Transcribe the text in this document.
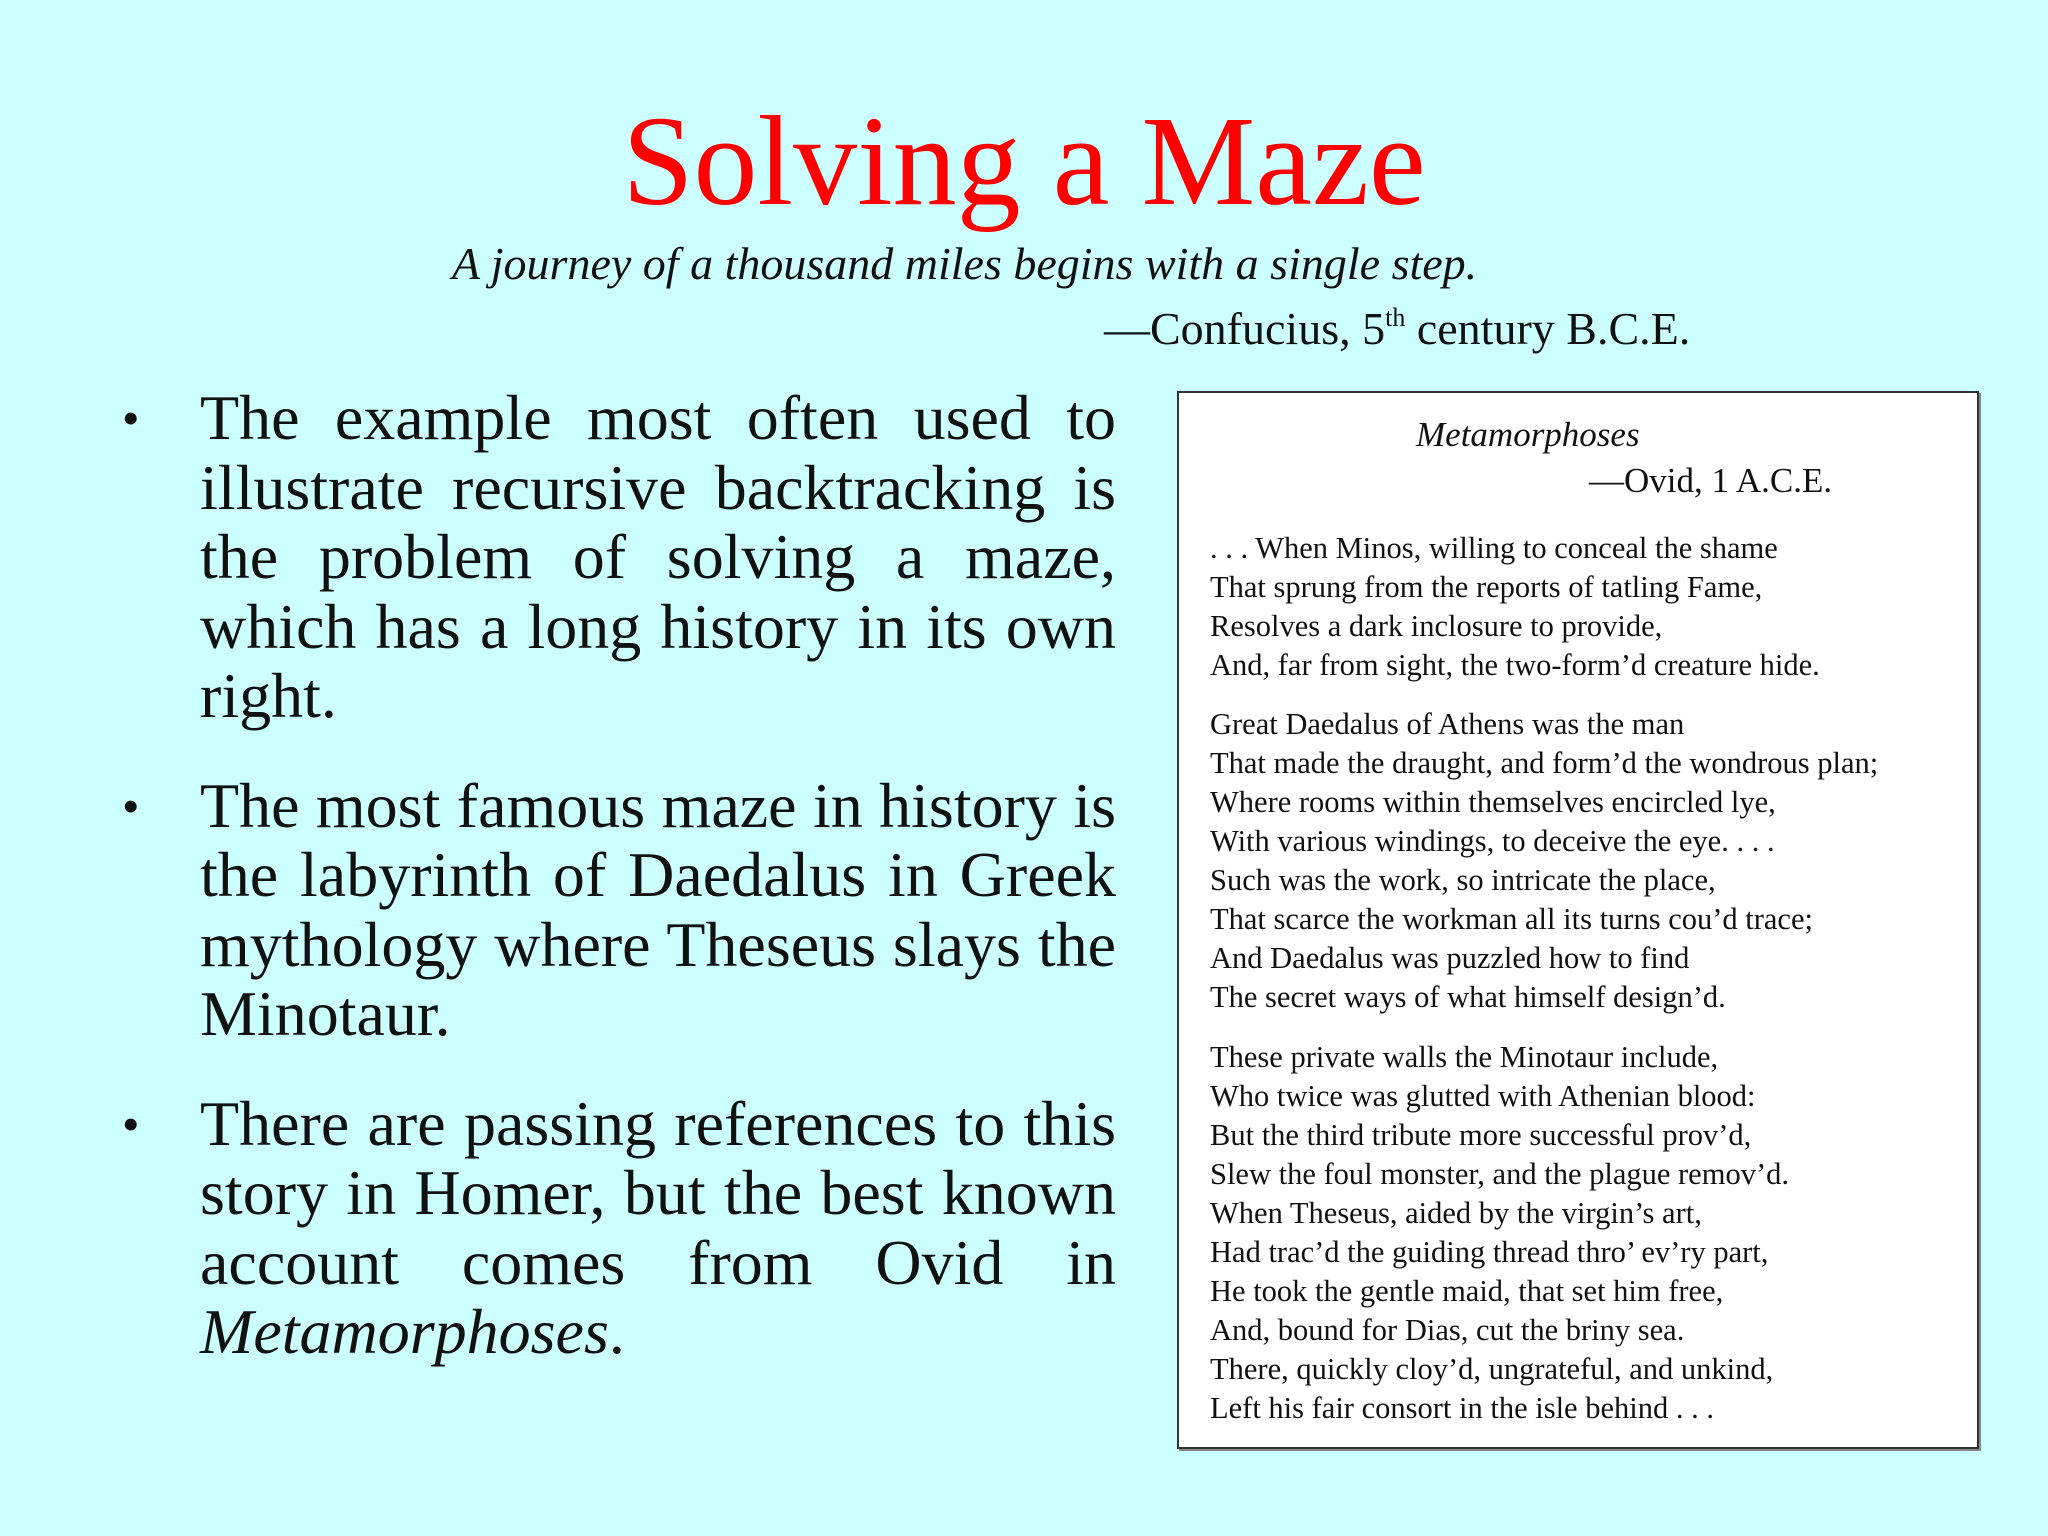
Solving a Maze
A journey of a thousand miles begins with a single step.
—Confucius, 5th century B.C.E.
• The example most often used to illustrate recursive backtracking is the problem of solving a maze, which has a long history in its own right.

• The most famous maze in history is the labyrinth of Daedalus in Greek mythology where Theseus slays the Minotaur.

• There are passing references to this story in Homer, but the best known account comes from Ovid in Metamorphoses.

Metamorphoses
—Ovid, 1 A.C.E.
. . . When Minos, willing to conceal the shame
That sprung from the reports of tatling Fame,
Resolves a dark inclosure to provide,
And, far from sight, the two-form’d creature hide.
Great Daedalus of Athens was the man
That made the draught, and form’d the wondrous plan;
Where rooms within themselves encircled lye,
With various windings, to deceive the eye. . . .
Such was the work, so intricate the place,
That scarce the workman all its turns cou’d trace;
And Daedalus was puzzled how to find
The secret ways of what himself design’d.
These private walls the Minotaur include,
Who twice was glutted with Athenian blood:
But the third tribute more successful prov’d,
Slew the foul monster, and the plague remov’d.
When Theseus, aided by the virgin’s art,
Had trac’d the guiding thread thro’ ev’ry part,
He took the gentle maid, that set him free,
And, bound for Dias, cut the briny sea.
There, quickly cloy’d, ungrateful, and unkind,
Left his fair consort in the isle behind . . .
